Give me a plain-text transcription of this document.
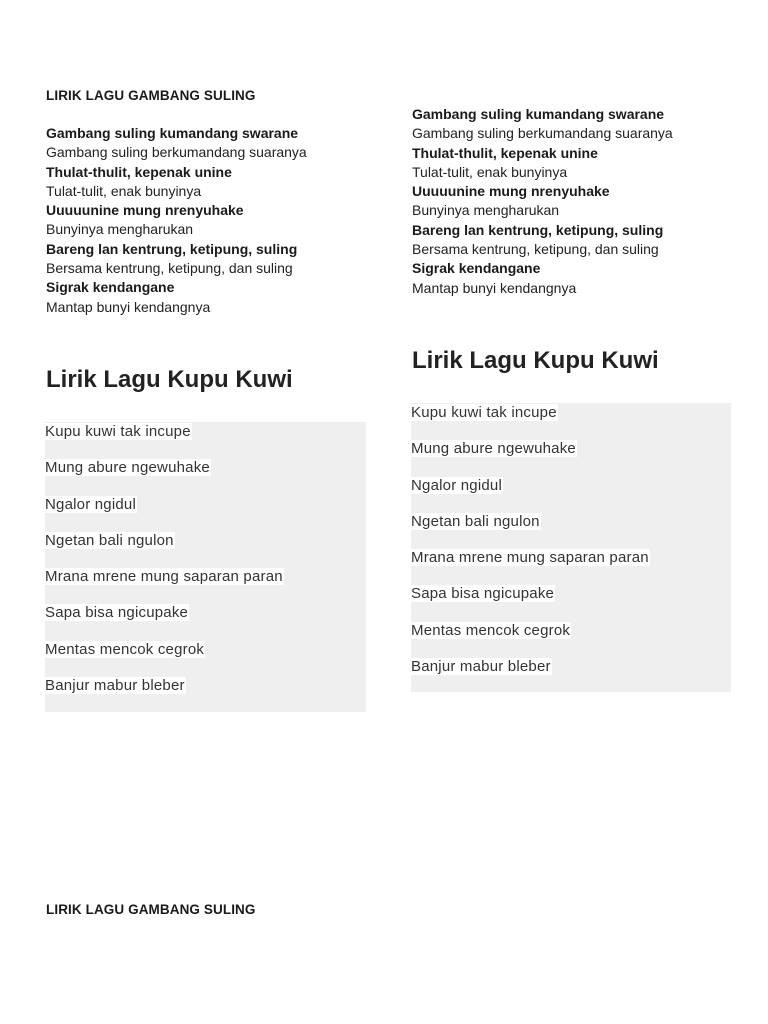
LIRIK LAGU GAMBANG SULING
Gambang suling kumandang swarane
Gambang suling berkumandang suaranya
Thulat-thulit, kepenak unine
Tulat-tulit, enak bunyinya
Uuuuunine mung nrenyuhake
Bunyinya mengharukan
Bareng lan kentrung, ketipung, suling
Bersama kentrung, ketipung, dan suling
Sigrak kendangane
Mantap bunyi kendangnya
Lirik Lagu Kupu Kuwi
Kupu kuwi tak incupe
Mung abure ngewuhake
Ngalor ngidul
Ngetan bali ngulon
Mrana mrene mung saparan paran
Sapa bisa ngicupake
Mentas mencok cegrok
Banjur mabur bleber
Gambang suling kumandang swarane
Gambang suling berkumandang suaranya
Thulat-thulit, kepenak unine
Tulat-tulit, enak bunyinya
Uuuuunine mung nrenyuhake
Bunyinya mengharukan
Bareng lan kentrung, ketipung, suling
Bersama kentrung, ketipung, dan suling
Sigrak kendangane
Mantap bunyi kendangnya
Lirik Lagu Kupu Kuwi
Kupu kuwi tak incupe
Mung abure ngewuhake
Ngalor ngidul
Ngetan bali ngulon
Mrana mrene mung saparan paran
Sapa bisa ngicupake
Mentas mencok cegrok
Banjur mabur bleber
LIRIK LAGU GAMBANG SULING
